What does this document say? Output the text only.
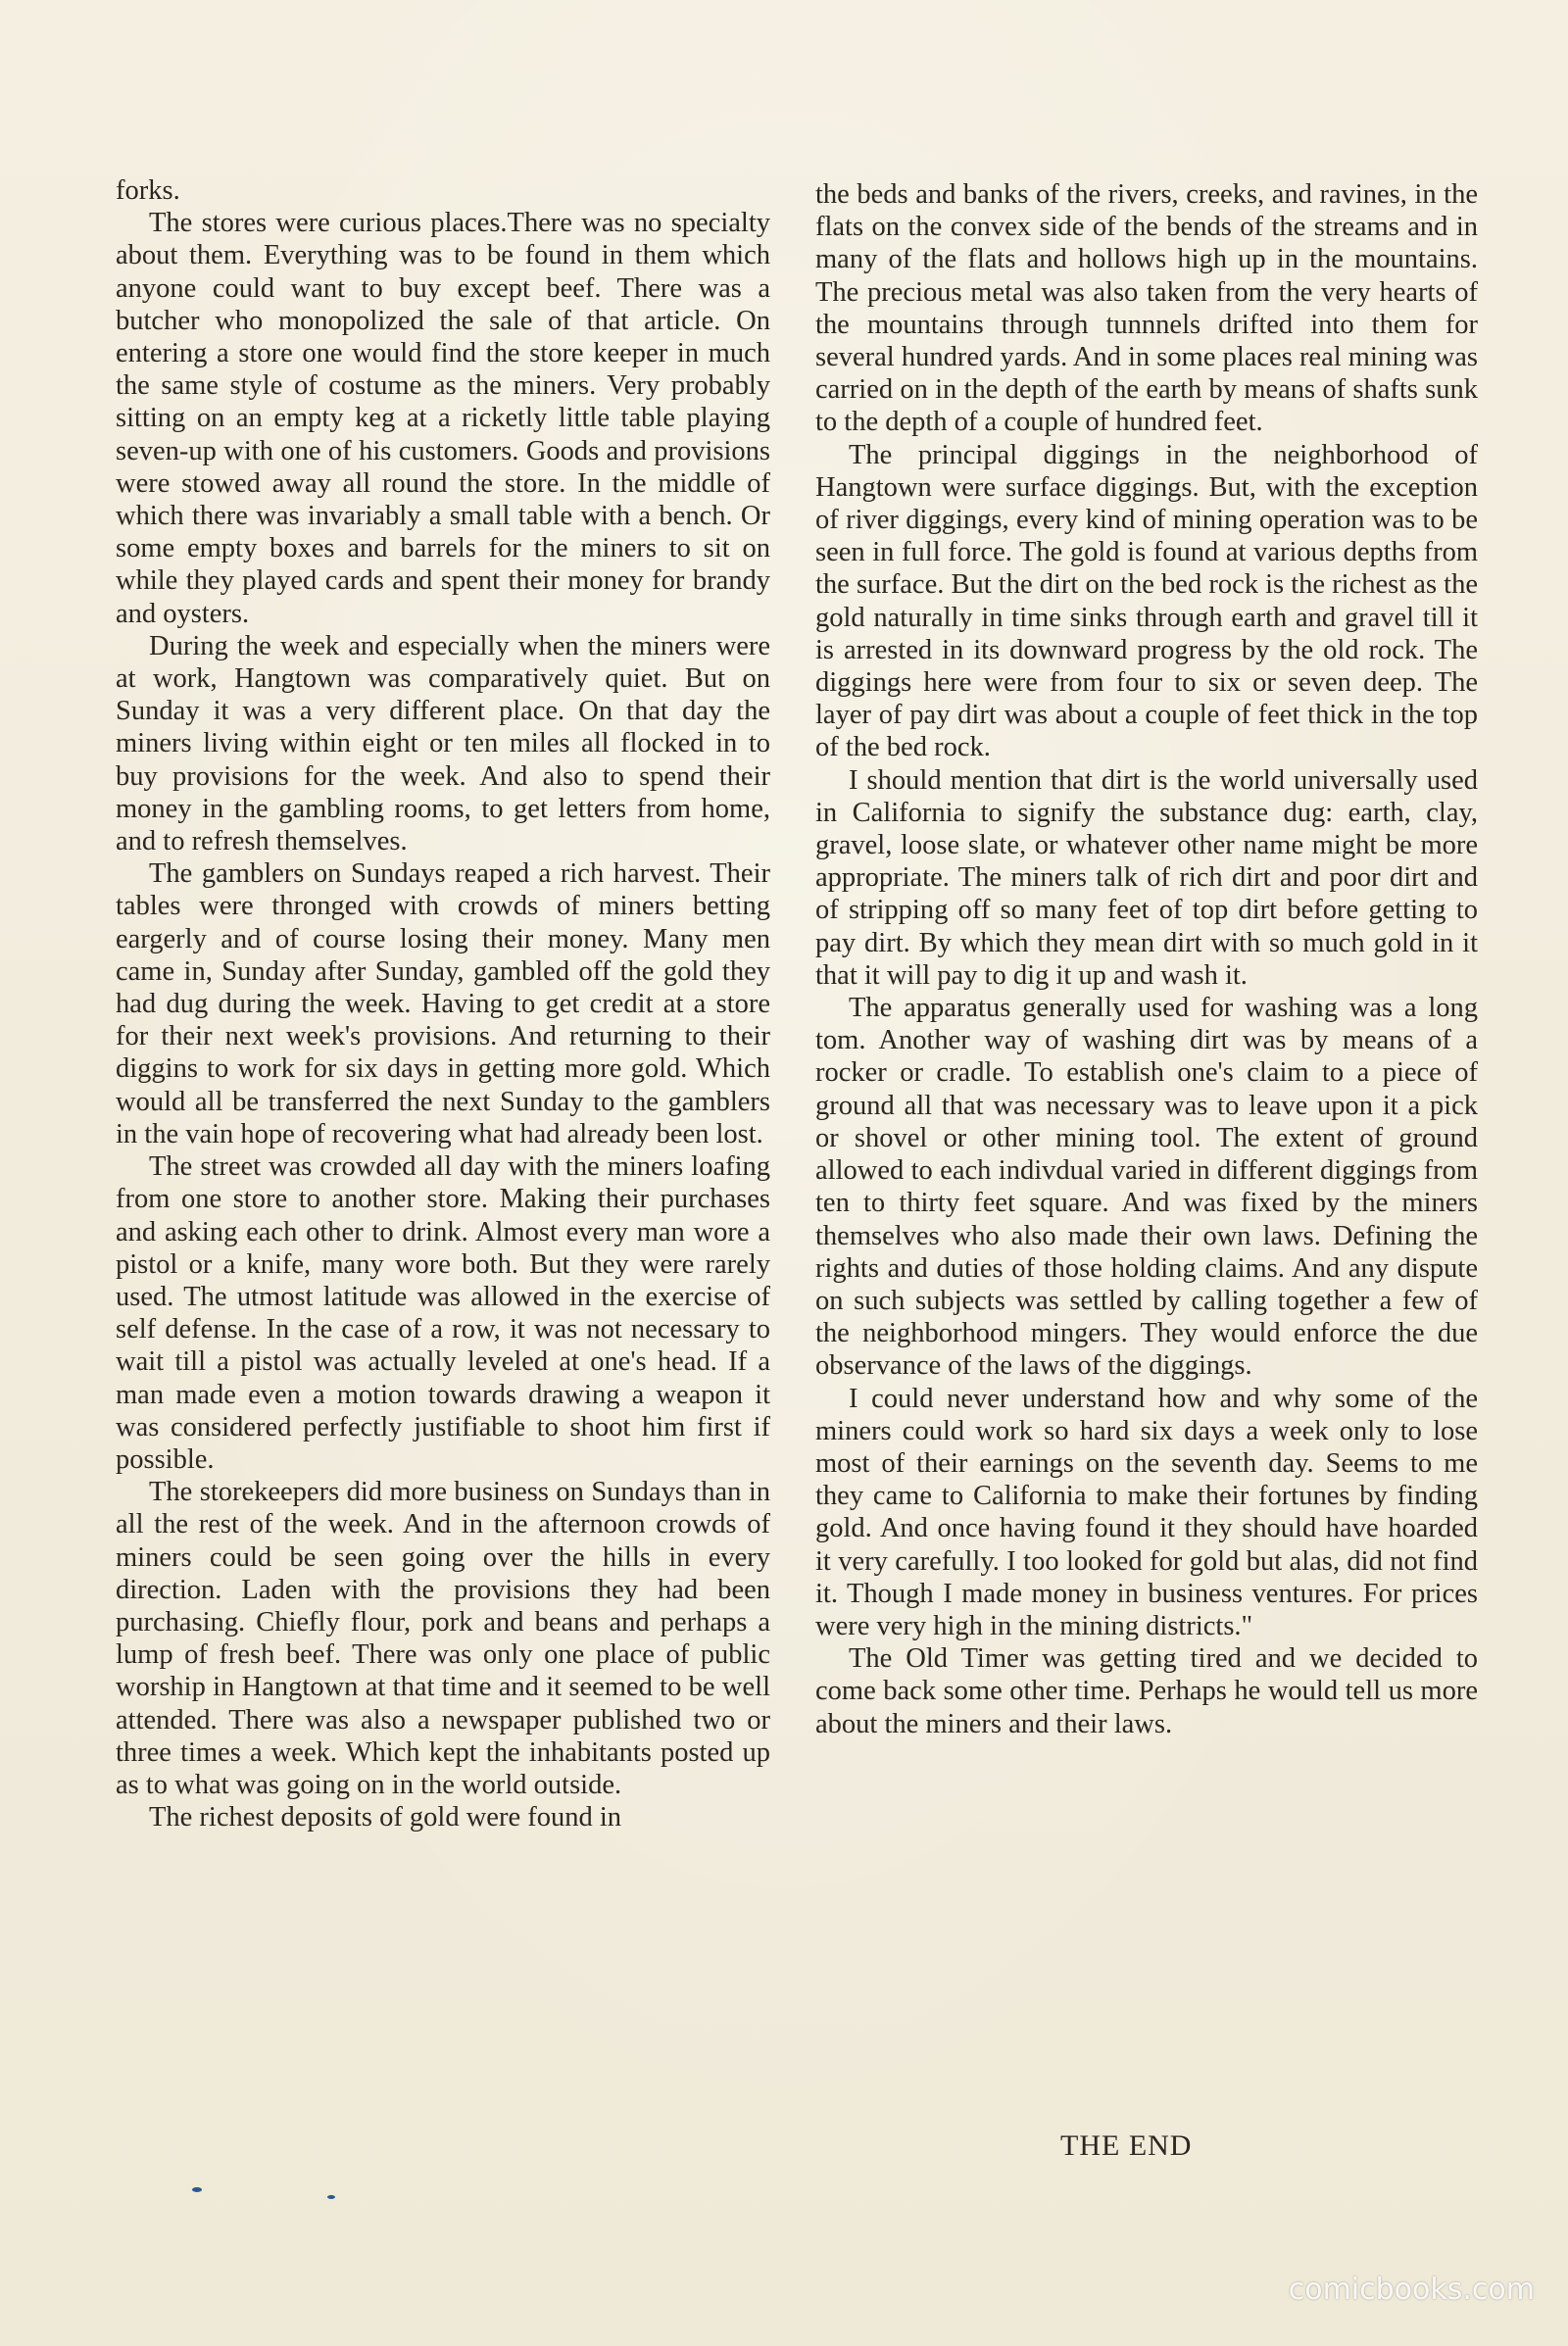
forks.

The stores were curious places.There was no specialty about them. Everything was to be found in them which anyone could want to buy except beef. There was a butcher who monopolized the sale of that article. On entering a store one would find the store keeper in much the same style of costume as the miners. Very probably sitting on an empty keg at a ricketly little table playing seven-up with one of his customers. Goods and provisions were stowed away all round the store. In the middle of which there was invariably a small table with a bench. Or some empty boxes and barrels for the miners to sit on while they played cards and spent their money for brandy and oysters.

During the week and especially when the miners were at work, Hangtown was comparatively quiet. But on Sunday it was a very different place. On that day the miners living within eight or ten miles all flocked in to buy provisions for the week. And also to spend their money in the gambling rooms, to get letters from home, and to refresh themselves.

The gamblers on Sundays reaped a rich harvest. Their tables were thronged with crowds of miners betting eargerly and of course losing their money. Many men came in, Sunday after Sunday, gambled off the gold they had dug during the week. Having to get credit at a store for their next week's provisions. And returning to their diggins to work for six days in getting more gold. Which would all be transferred the next Sunday to the gamblers in the vain hope of recovering what had already been lost.

The street was crowded all day with the miners loafing from one store to another store. Making their purchases and asking each other to drink. Almost every man wore a pistol or a knife, many wore both. But they were rarely used. The utmost latitude was allowed in the exercise of self defense. In the case of a row, it was not necessary to wait till a pistol was actually leveled at one's head. If a man made even a motion towards drawing a weapon it was considered perfectly justifiable to shoot him first if possible.

The storekeepers did more business on Sundays than in all the rest of the week. And in the afternoon crowds of miners could be seen going over the hills in every direction. Laden with the provisions they had been purchasing. Chiefly flour, pork and beans and perhaps a lump of fresh beef. There was only one place of public worship in Hangtown at that time and it seemed to be well attended. There was also a newspaper published two or three times a week. Which kept the inhabitants posted up as to what was going on in the world outside.

The richest deposits of gold were found in

the beds and banks of the rivers, creeks, and ravines, in the flats on the convex side of the bends of the streams and in many of the flats and hollows high up in the mountains. The precious metal was also taken from the very hearts of the mountains through tunnnels drifted into them for several hundred yards. And in some places real mining was carried on in the depth of the earth by means of shafts sunk to the depth of a couple of hundred feet.

The principal diggings in the neighborhood of Hangtown were surface diggings. But, with the exception of river diggings, every kind of mining operation was to be seen in full force. The gold is found at various depths from the surface. But the dirt on the bed rock is the richest as the gold naturally in time sinks through earth and gravel till it is arrested in its downward progress by the old rock. The diggings here were from four to six or seven deep. The layer of pay dirt was about a couple of feet thick in the top of the bed rock.

I should mention that dirt is the world universally used in California to signify the substance dug: earth, clay, gravel, loose slate, or whatever other name might be more appropriate. The miners talk of rich dirt and poor dirt and of stripping off so many feet of top dirt before getting to pay dirt. By which they mean dirt with so much gold in it that it will pay to dig it up and wash it.

The apparatus generally used for washing was a long tom. Another way of washing dirt was by means of a rocker or cradle. To establish one's claim to a piece of ground all that was necessary was to leave upon it a pick or shovel or other mining tool. The extent of ground allowed to each indivdual varied in different diggings from ten to thirty feet square. And was fixed by the miners themselves who also made their own laws. Defining the rights and duties of those holding claims. And any dispute on such subjects was settled by calling together a few of the neighborhood mingers. They would enforce the due observance of the laws of the diggings.

I could never understand how and why some of the miners could work so hard six days a week only to lose most of their earnings on the seventh day. Seems to me they came to California to make their fortunes by finding gold. And once having found it they should have hoarded it very carefully. I too looked for gold but alas, did not find it. Though I made money in business ventures. For prices were very high in the mining districts."

The Old Timer was getting tired and we decided to come back some other time. Perhaps he would tell us more about the miners and their laws.

THE END
comicbooks.com
